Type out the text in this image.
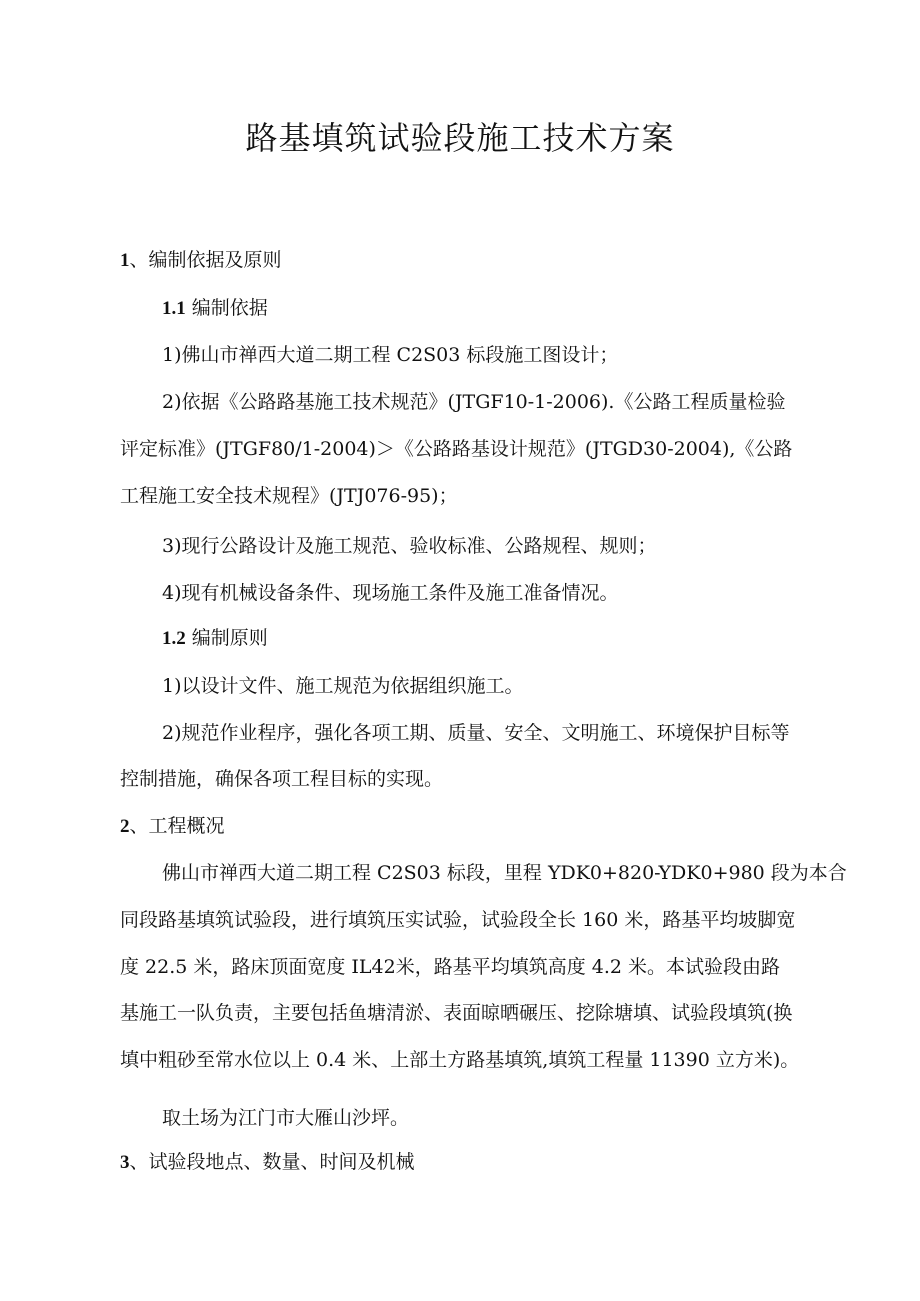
路基填筑试验段施工技术方案
1、编制依据及原则
1.1 编制依据
1)佛山市禅西大道二期工程 C2S03 标段施工图设计；
2)依据《公路路基施工技术规范》(JTGF10-1-2006).《公路工程质量检验
评定标准》(JTGF80/1-2004)＞《公路路基设计规范》(JTGD30-2004),《公路
工程施工安全技术规程》(JTJ076-95)；
3)现行公路设计及施工规范、验收标准、公路规程、规则；
4)现有机械设备条件、现场施工条件及施工准备情况。
1.2 编制原则
1)以设计文件、施工规范为依据组织施工。
2)规范作业程序，强化各项工期、质量、安全、文明施工、环境保护目标等
控制措施，确保各项工程目标的实现。
2、工程概况
佛山市禅西大道二期工程 C2S03 标段，里程 YDK0+820-YDK0+980 段为本合
同段路基填筑试验段，进行填筑压实试验，试验段全长 160 米，路基平均坡脚宽
度 22.5 米，路床顶面宽度 IL42米，路基平均填筑高度 4.2 米。本试验段由路
基施工一队负责，主要包括鱼塘清淤、表面晾晒碾压、挖除塘填、试验段填筑(换
填中粗砂至常水位以上 0.4 米、上部土方路基填筑,填筑工程量 11390 立方米)。
取土场为江门市大雁山沙坪。
3、试验段地点、数量、时间及机械
